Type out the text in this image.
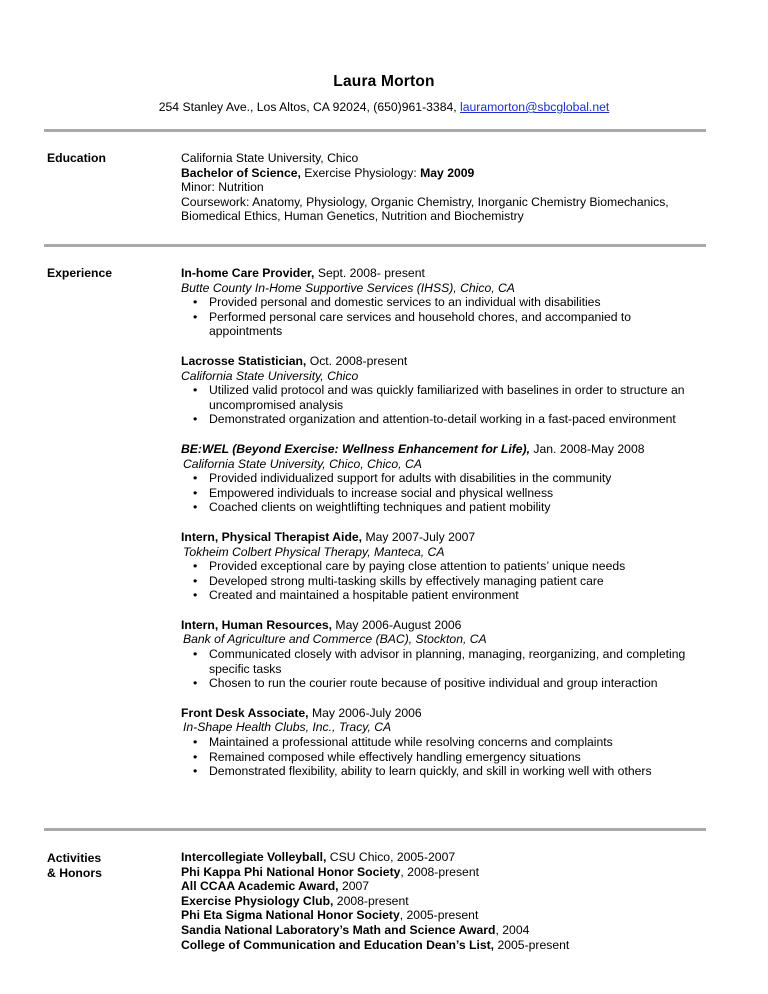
Laura Morton
254 Stanley Ave., Los Altos, CA 92024, (650)961-3384, lauramorton@sbcglobal.net
Education	California State University, Chico
Bachelor of Science, Exercise Physiology: May 2009
Minor: Nutrition
Coursework: Anatomy, Physiology, Organic Chemistry, Inorganic Chemistry Biomechanics,
Biomedical Ethics, Human Genetics, Nutrition and Biochemistry
Experience	In-home Care Provider, Sept. 2008- present
Butte County In-Home Supportive Services (IHSS), Chico, CA
• Provided personal and domestic services to an individual with disabilities
• Performed personal care services and household chores, and accompanied to appointments
Lacrosse Statistician, Oct. 2008-present
California State University, Chico
• Utilized valid protocol and was quickly familiarized with baselines in order to structure an uncompromised analysis
• Demonstrated organization and attention-to-detail working in a fast-paced environment
BE:WEL (Beyond Exercise: Wellness Enhancement for Life), Jan. 2008-May 2008
California State University, Chico, Chico, CA
• Provided individualized support for adults with disabilities in the community
• Empowered individuals to increase social and physical wellness
• Coached clients on weightlifting techniques and patient mobility
Intern, Physical Therapist Aide, May 2007-July 2007
Tokheim Colbert Physical Therapy, Manteca, CA
• Provided exceptional care by paying close attention to patients’ unique needs
• Developed strong multi-tasking skills by effectively managing patient care
• Created and maintained a hospitable patient environment
Intern, Human Resources, May 2006-August 2006
Bank of Agriculture and Commerce (BAC), Stockton, CA
• Communicated closely with advisor in planning, managing, reorganizing, and completing specific tasks
• Chosen to run the courier route because of positive individual and group interaction
Front Desk Associate, May 2006-July 2006
In-Shape Health Clubs, Inc., Tracy, CA
• Maintained a professional attitude while resolving concerns and complaints
• Remained composed while effectively handling emergency situations
• Demonstrated flexibility, ability to learn quickly, and skill in working well with others
Activities
& Honors
Intercollegiate Volleyball, CSU Chico, 2005-2007
Phi Kappa Phi National Honor Society, 2008-present
All CCAA Academic Award, 2007
Exercise Physiology Club, 2008-present
Phi Eta Sigma National Honor Society, 2005-present
Sandia National Laboratory’s Math and Science Award, 2004
College of Communication and Education Dean’s List, 2005-present
